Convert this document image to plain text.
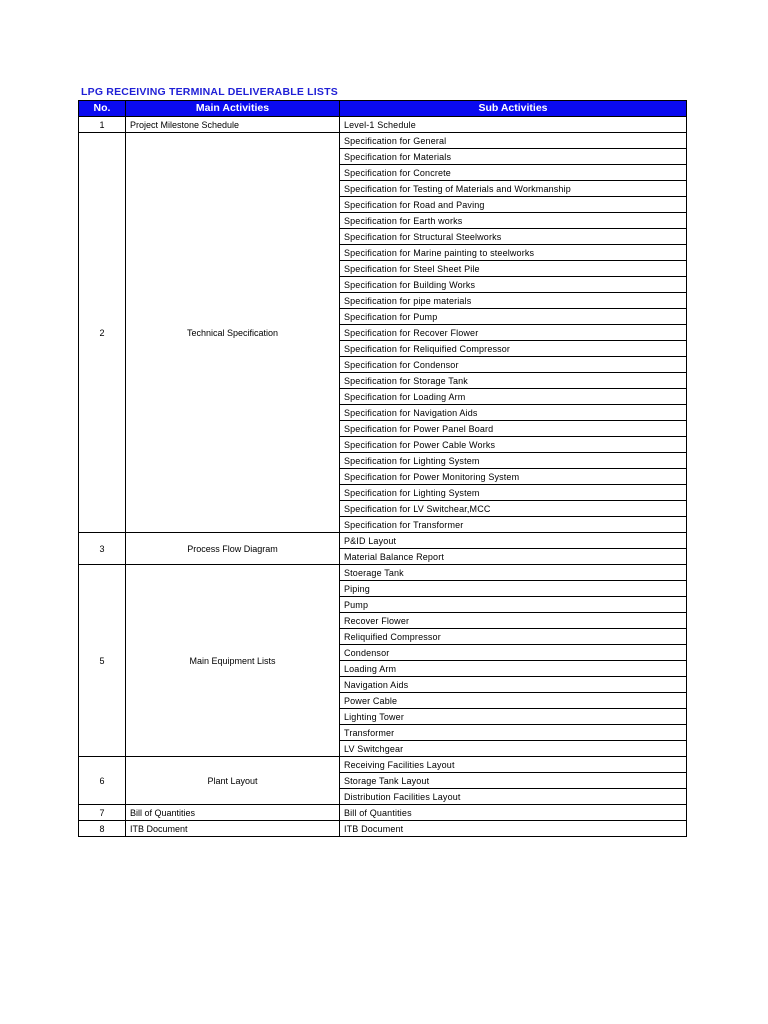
LPG RECEIVING TERMINAL DELIVERABLE LISTS
No.	Main Activities	Sub Activities
1	Project Milestone Schedule	Level-1 Schedule
2	Technical Specification	Specification for General
		Specification for Materials
		Specification for Concrete
		Specification for Testing of Materials and Workmanship
		Specification for Road and Paving
		Specification for Earth works
		Specification for Structural Steelworks
		Specification for Marine painting to steelworks
		Specification for Steel Sheet Pile
		Specification for Building Works
		Specification for pipe materials
		Specification for Pump
		Specification for Recover Flower
		Specification for Reliquified Compressor
		Specification for Condensor
		Specification for Storage Tank
		Specification for Loading Arm
		Specification for Navigation Aids
		Specification for Power Panel Board
		Specification for Power Cable Works
		Specification for Lighting System
		Specification for Power Monitoring System
		Specification for Lighting System
		Specification for LV Switchear,MCC
		Specification for Transformer
3	Process Flow Diagram	P&ID Layout
		Material Balance Report
5	Main Equipment Lists	Stoerage Tank
		Piping
		Pump
		Recover Flower
		Reliquified Compressor
		Condensor
		Loading Arm
		Navigation Aids
		Power Cable
		Lighting Tower
		Transformer
		LV Switchgear
6	Plant Layout	Receiving Facilities Layout
		Storage Tank Layout
		Distribution Facilities Layout
7	Bill of Quantities	Bill of Quantities
8	ITB Document	ITB Document
